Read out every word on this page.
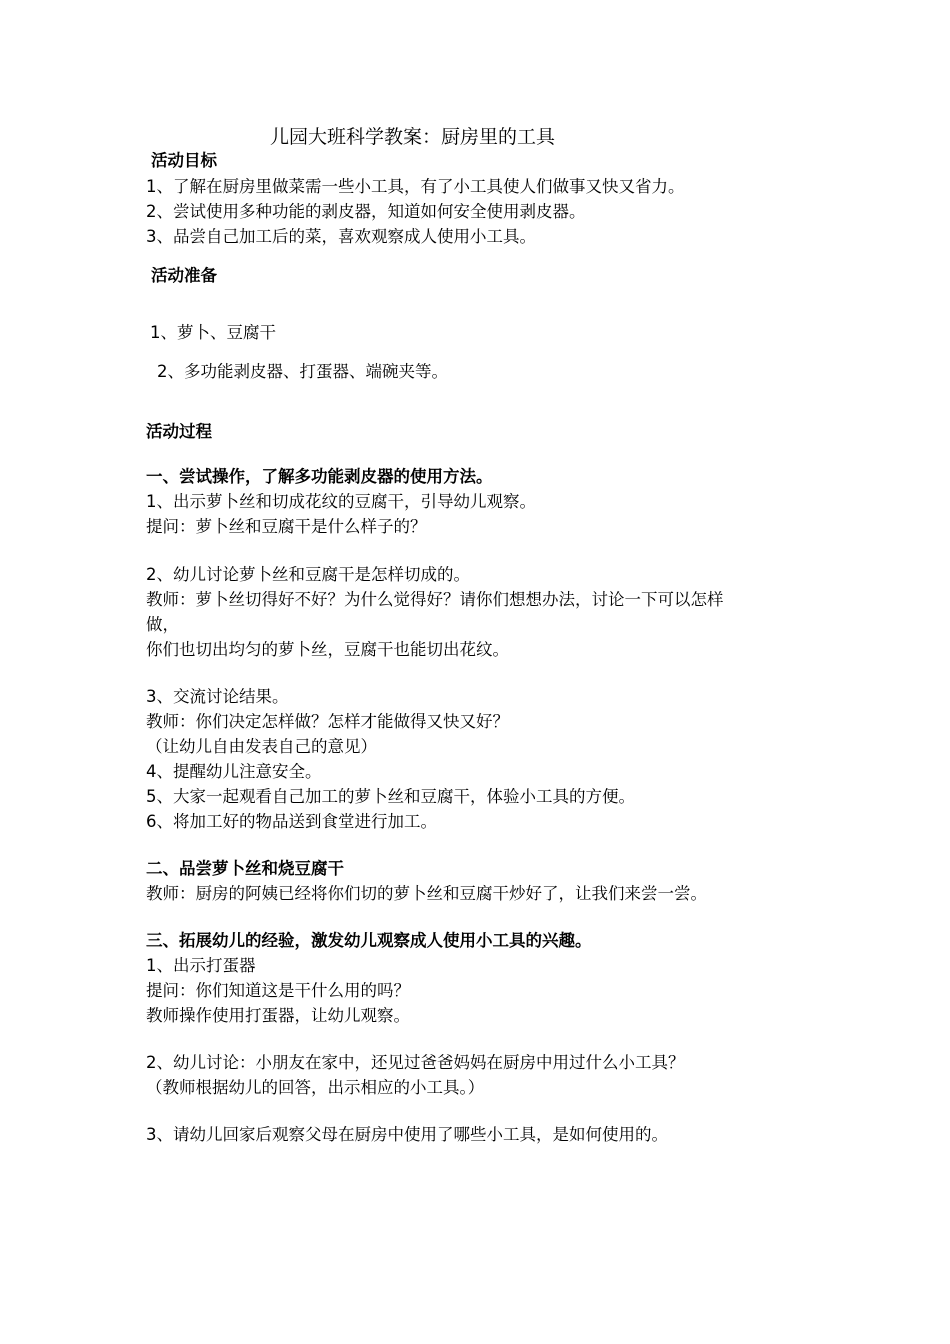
儿园大班科学教案：厨房里的工具
活动目标
1、了解在厨房里做菜需一些小工具，有了小工具使人们做事又快又省力。
2、尝试使用多种功能的剥皮器，知道如何安全使用剥皮器。
3、品尝自己加工后的菜，喜欢观察成人使用小工具。
活动准备
1、萝卜、豆腐干
2、多功能剥皮器、打蛋器、端碗夹等。
活动过程
一、尝试操作，了解多功能剥皮器的使用方法。
1、出示萝卜丝和切成花纹的豆腐干，引导幼儿观察。
提问：萝卜丝和豆腐干是什么样子的？
2、幼儿讨论萝卜丝和豆腐干是怎样切成的。
教师：萝卜丝切得好不好？为什么觉得好？请你们想想办法，讨论一下可以怎样
做，
你们也切出均匀的萝卜丝，豆腐干也能切出花纹。
3、交流讨论结果。
教师：你们决定怎样做？怎样才能做得又快又好？
（让幼儿自由发表自己的意见）
4、提醒幼儿注意安全。
5、大家一起观看自己加工的萝卜丝和豆腐干，体验小工具的方便。
6、将加工好的物品送到食堂进行加工。
二、品尝萝卜丝和烧豆腐干
教师：厨房的阿姨已经将你们切的萝卜丝和豆腐干炒好了，让我们来尝一尝。
三、拓展幼儿的经验，激发幼儿观察成人使用小工具的兴趣。
1、出示打蛋器
提问：你们知道这是干什么用的吗？
教师操作使用打蛋器，让幼儿观察。
2、幼儿讨论：小朋友在家中，还见过爸爸妈妈在厨房中用过什么小工具？
（教师根据幼儿的回答，出示相应的小工具。）
3、请幼儿回家后观察父母在厨房中使用了哪些小工具，是如何使用的。
